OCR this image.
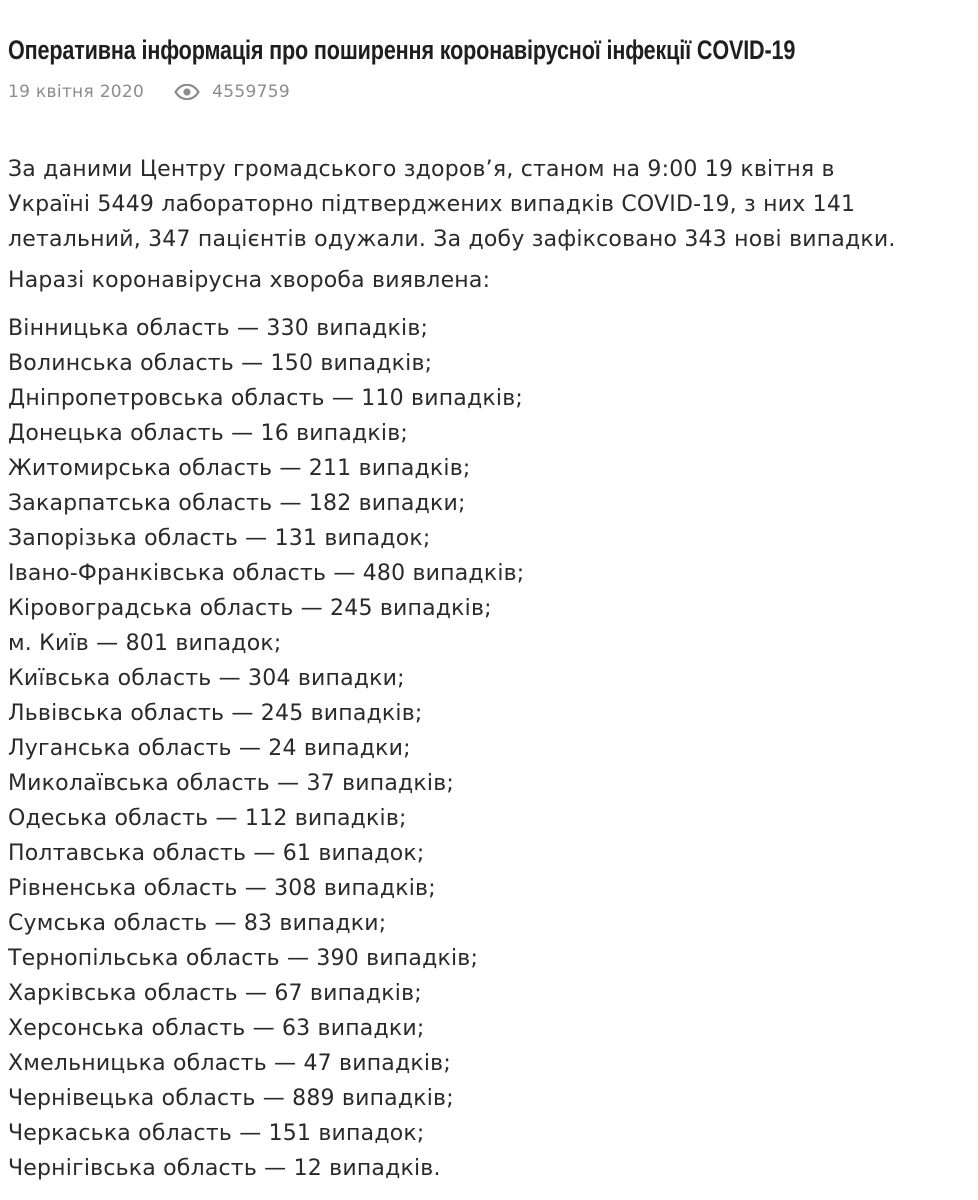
Оперативна інформація про поширення коронавірусної інфекції COVID-19
19 квітня 2020	4559759

За даними Центру громадського здоров’я, станом на 9:00 19 квітня в
Україні 5449 лабораторно підтверджених випадків COVID-19, з них 141
летальний, 347 пацієнтів одужали. За добу зафіксовано 343 нові випадки.

Наразі коронавірусна хвороба виявлена:

Вінницька область — 330 випадків;
Волинська область — 150 випадків;
Дніпропетровська область — 110 випадків;
Донецька область — 16 випадків;
Житомирська область — 211 випадків;
Закарпатська область — 182 випадки;
Запорізька область — 131 випадок;
Івано-Франківська область — 480 випадків;
Кіровоградська область — 245 випадків;
м. Київ — 801 випадок;
Київська область — 304 випадки;
Львівська область — 245 випадків;
Луганська область — 24 випадки;
Миколаївська область — 37 випадків;
Одеська область — 112 випадків;
Полтавська область — 61 випадок;
Рівненська область — 308 випадків;
Сумська область — 83 випадки;
Тернопільська область — 390 випадків;
Харківська область — 67 випадків;
Херсонська область — 63 випадки;
Хмельницька область — 47 випадків;
Чернівецька область — 889 випадків;
Черкаська область — 151 випадок;
Чернігівська область — 12 випадків.
